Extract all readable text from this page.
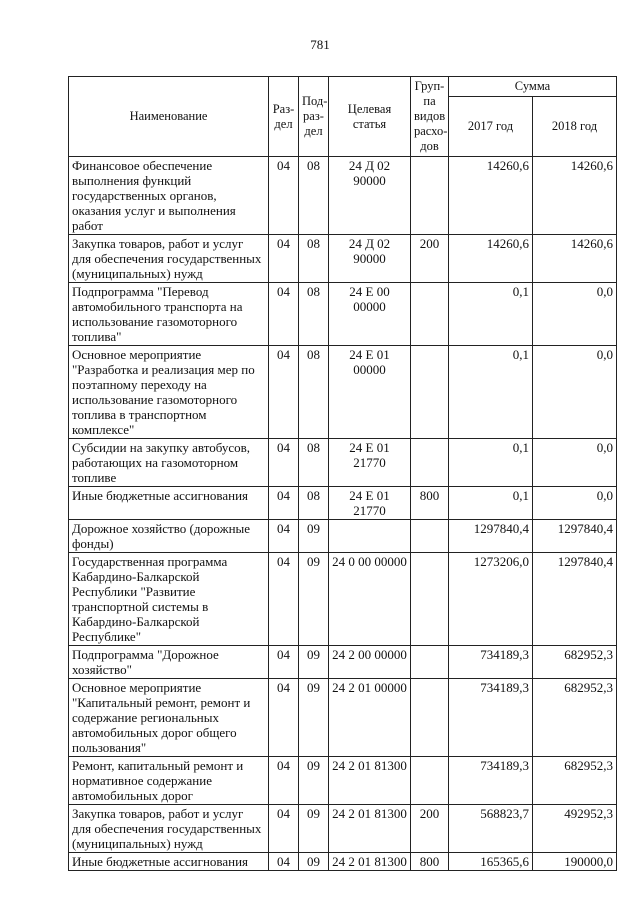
781
Наименование	Раз-дел	Под-раз-дел	Целевая статья	Груп-па видов расхо-дов	Сумма	
					2017 год	2018 год
Финансовое обеспечение выполнения функций государственных органов, оказания услуг и выполнения работ	04	08	24 Д 02 90000		14260,6	14260,6
Закупка товаров, работ и услуг для обеспечения государственных (муниципальных) нужд	04	08	24 Д 02 90000	200	14260,6	14260,6
Подпрограмма "Перевод автомобильного транспорта на использование газомоторного топлива"	04	08	24 Е 00 00000		0,1	0,0
Основное мероприятие "Разработка и реализация мер по поэтапному переходу на использование газомоторного топлива в транспортном комплексе"	04	08	24 Е 01 00000		0,1	0,0
Субсидии на закупку автобусов, работающих на газомоторном топливе	04	08	24 Е 01 21770		0,1	0,0
Иные бюджетные ассигнования	04	08	24 Е 01 21770	800	0,1	0,0
Дорожное хозяйство (дорожные фонды)	04	09			1297840,4	1297840,4
Государственная программа Кабардино-Балкарской Республики "Развитие транспортной системы в Кабардино-Балкарской Республике"	04	09	24 0 00 00000		1273206,0	1297840,4
Подпрограмма "Дорожное хозяйство"	04	09	24 2 00 00000		734189,3	682952,3
Основное мероприятие "Капитальный ремонт, ремонт и содержание региональных автомобильных дорог общего пользования"	04	09	24 2 01 00000		734189,3	682952,3
Ремонт, капитальный ремонт и нормативное содержание автомобильных дорог	04	09	24 2 01 81300		734189,3	682952,3
Закупка товаров, работ и услуг для обеспечения государственных (муниципальных) нужд	04	09	24 2 01 81300	200	568823,7	492952,3
Иные бюджетные ассигнования	04	09	24 2 01 81300	800	165365,6	190000,0
